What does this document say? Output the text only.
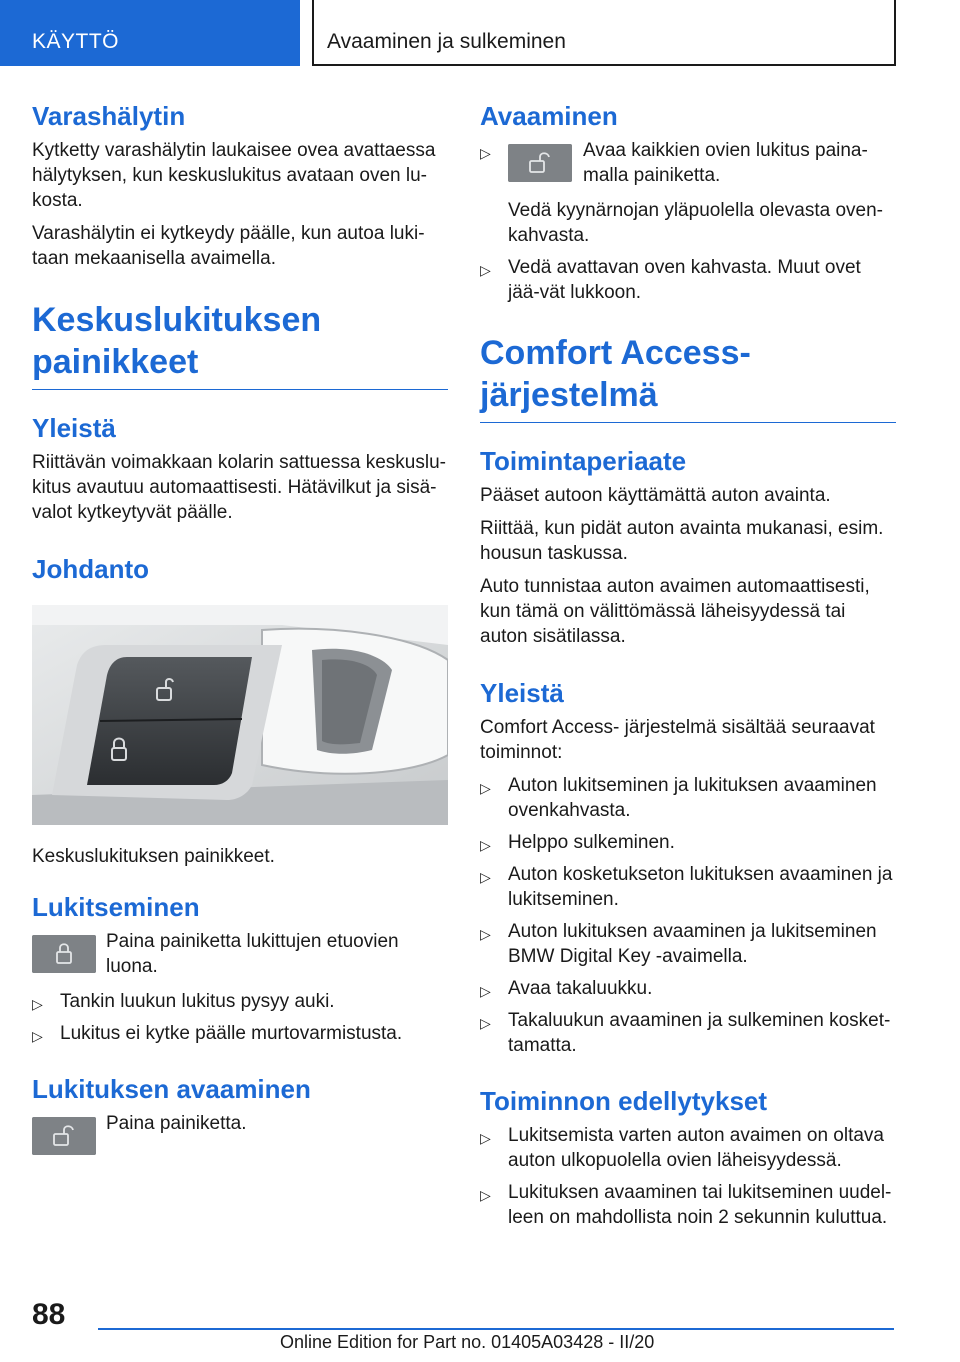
KÄYTTÖ	Avaaminen ja sulkeminen
Varashälytin

Kytketty varashälytin laukaisee ovea avattaessa hälytyksen, kun keskuslukitus avataan oven lu-kosta.

Varashälytin ei kytkeydy päälle, kun autoa luki-taan mekaanisella avaimella.

Keskuslukituksen painikkeet
Yleistä

Riittävän voimakkaan kolarin sattuessa keskuslu-kitus avautuu automaattisesti. Hätävilkut ja sisä-valot kytkeytyvät päälle.

Johdanto

Keskuslukituksen painikkeet.

Lukitseminen

Paina painiketta lukittujen etuovien luona.

▷ Tankin luukun lukitus pysyy auki.
▷ Lukitus ei kytke päälle murtovarmistusta.
Lukituksen avaaminen

Paina painiketta.

Avaaminen
▷	Avaa kaikkien ovien lukitus paina-malla painiketta.

Vedä kyynärnojan yläpuolella olevasta oven-kahvasta.

▷ Vedä avattavan oven kahvasta. Muut ovet jää-vät lukkoon.
Comfort Access-järjestelmä
Toimintaperiaate

Pääset autoon käyttämättä auton avainta.

Riittää, kun pidät auton avainta mukanasi, esim. housun taskussa.

Auto tunnistaa auton avaimen automaattisesti, kun tämä on välittömässä läheisyydessä tai auton sisätilassa.

Yleistä

Comfort Access- järjestelmä sisältää seuraavat toiminnot:

▷ Auton lukitseminen ja lukituksen avaaminen ovenkahvasta.
▷ Helppo sulkeminen.
▷ Auton kosketukseton lukituksen avaaminen ja lukitseminen.
▷ Auton lukituksen avaaminen ja lukitseminen BMW Digital Key -avaimella.
▷ Avaa takaluukku.
▷ Takaluukun avaaminen ja sulkeminen kosket-tamatta.
Toiminnon edellytykset
▷ Lukitsemista varten auton avaimen on oltava auton ulkopuolella ovien läheisyydessä.
▷ Lukituksen avaaminen tai lukitseminen uudel-leen on mahdollista noin 2 sekunnin kuluttua.
88
Online Edition for Part no. 01405A03428 - II/20
